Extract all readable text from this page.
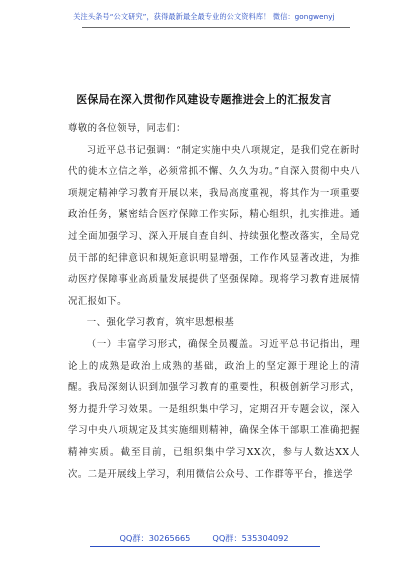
关注头条号“公文研究”，获得最新最全最专业的公文资料库！ 微信：gongwenyj
医保局在深入贯彻作风建设专题推进会上的汇报发言

尊敬的各位领导，同志们：

习近平总书记强调：“制定实施中央八项规定，是我们党在新时代的徙木立信之举，必须常抓不懈、久久为功。”自深入贯彻中央八项规定精神学习教育开展以来，我局高度重视，将其作为一项重要政治任务，紧密结合医疗保障工作实际，精心组织，扎实推进。通过全面加强学习、深入开展自查自纠、持续强化整改落实，全局党员干部的纪律意识和规矩意识明显增强，工作作风显著改进，为推动医疗保障事业高质量发展提供了坚强保障。现将学习教育进展情况汇报如下。

一、强化学习教育，筑牢思想根基

（一）丰富学习形式，确保全员覆盖。习近平总书记指出，理论上的成熟是政治上成熟的基础，政治上的坚定源于理论上的清醒。我局深刻认识到加强学习教育的重要性，积极创新学习形式，努力提升学习效果。一是组织集中学习，定期召开专题会议，深入学习中央八项规定及其实施细则精神，确保全体干部职工准确把握精神实质。截至目前，已组织集中学习XX次，参与人数达XX人次。二是开展线上学习，利用微信公众号、工作群等平台，推送学

QQ群：30265665	QQ群：535304092
